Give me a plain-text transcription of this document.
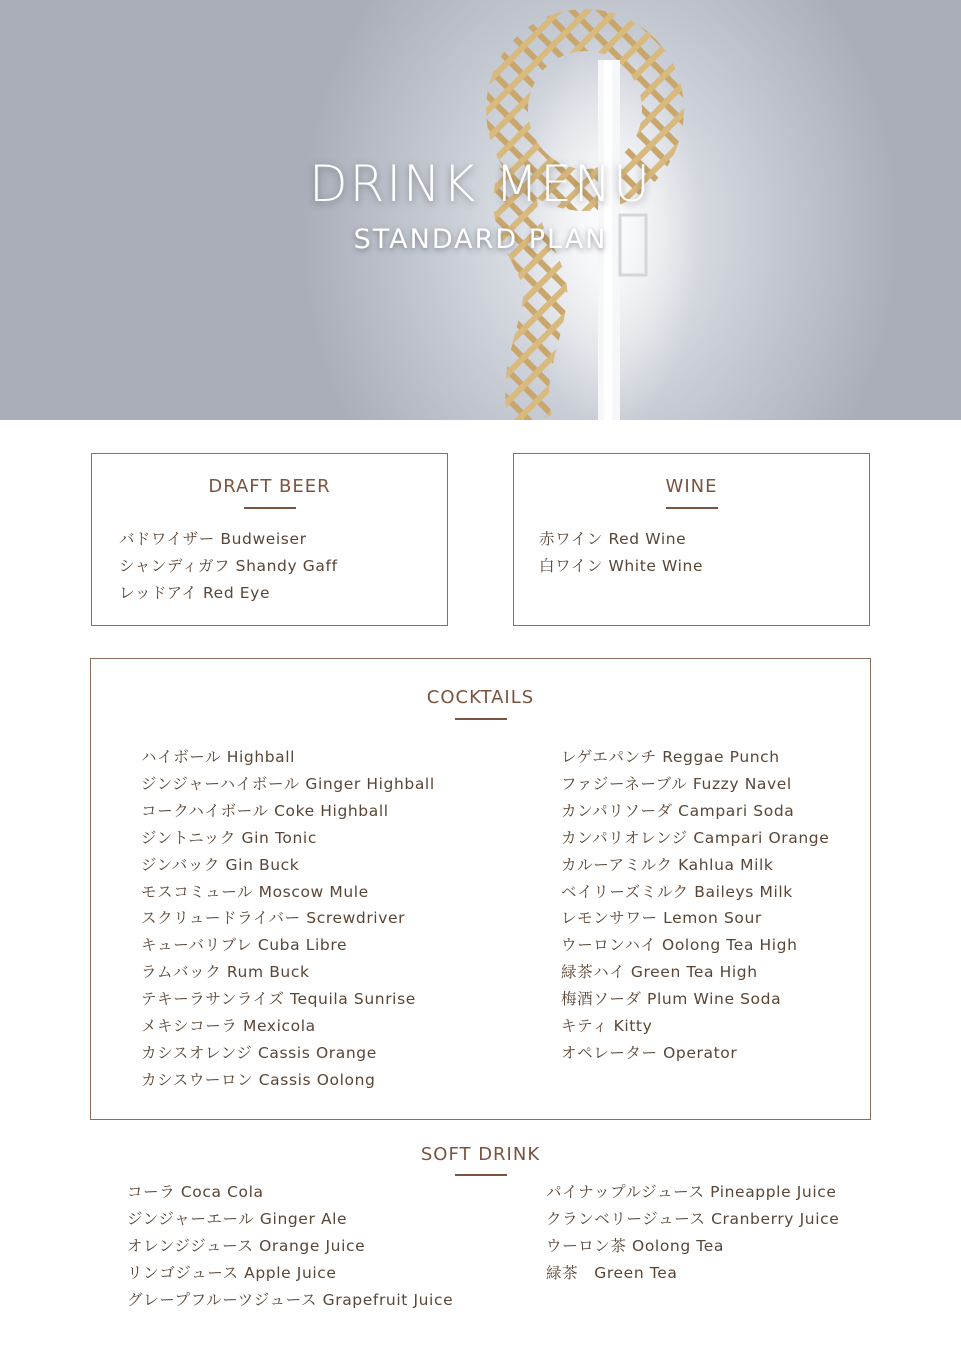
DRINK MENU
STANDARD PLAN
DRAFT BEER
バドワイザー Budweiser
シャンディガフ Shandy Gaff
レッドアイ Red Eye
WINE
赤ワイン Red Wine
白ワイン White Wine
COCKTAILS
ハイボール Highball
ジンジャーハイボール Ginger Highball
コークハイボール Coke Highball
ジントニック Gin Tonic
ジンバック Gin Buck
モスコミュール Moscow Mule
スクリュードライバー Screwdriver
キューバリブレ Cuba Libre
ラムバック Rum Buck
テキーラサンライズ Tequila Sunrise
メキシコーラ Mexicola
カシスオレンジ Cassis Orange
カシスウーロン Cassis Oolong
レゲエパンチ Reggae Punch
ファジーネーブル Fuzzy Navel
カンパリソーダ Campari Soda
カンパリオレンジ Campari Orange
カルーアミルク Kahlua Milk
ベイリーズミルク Baileys Milk
レモンサワー Lemon Sour
ウーロンハイ Oolong Tea High
緑茶ハイ Green Tea High
梅酒ソーダ Plum Wine Soda
キティ Kitty
オペレーター Operator
SOFT DRINK
コーラ Coca Cola
ジンジャーエール Ginger Ale
オレンジジュース Orange Juice
リンゴジュース Apple Juice
グレープフルーツジュース Grapefruit Juice
パイナップルジュース Pineapple Juice
クランベリージュース Cranberry Juice
ウーロン茶 Oolong Tea
緑茶　Green Tea
